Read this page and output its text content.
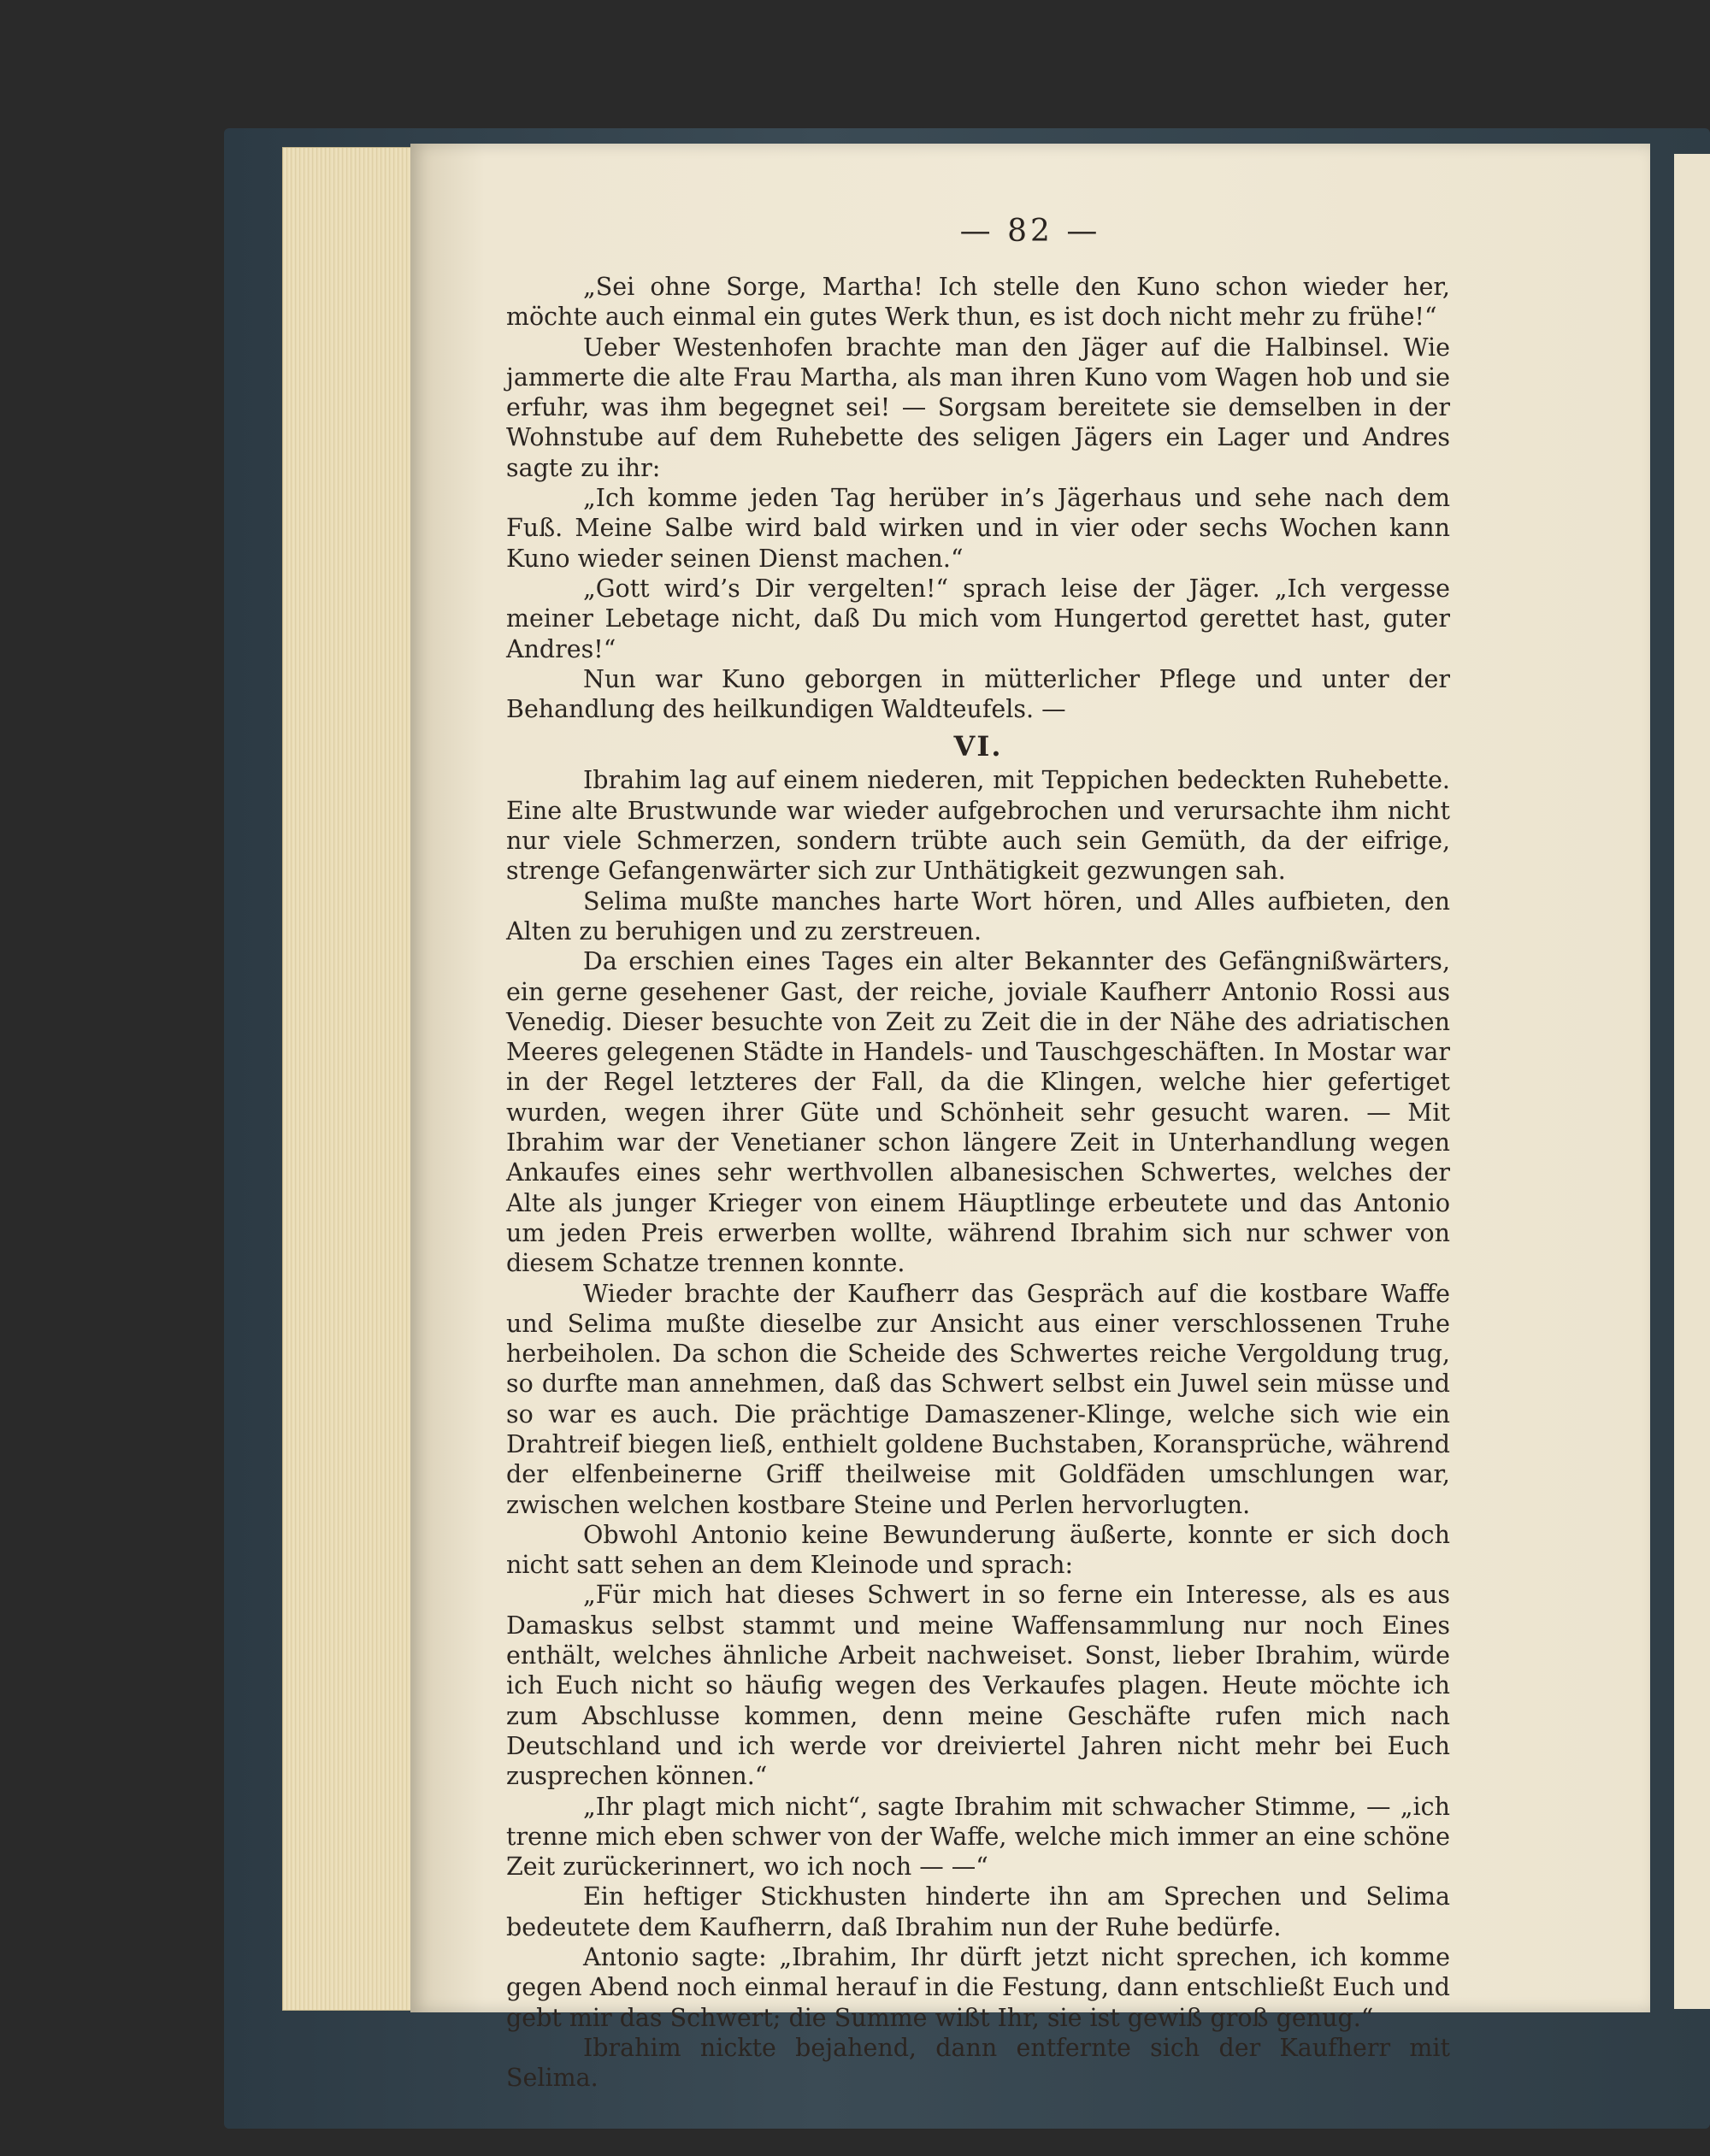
— 82 —

„Sei ohne Sorge, Martha! Ich stelle den Kuno schon wieder her, möchte auch einmal ein gutes Werk thun, es ist doch nicht mehr zu frühe!“

Ueber Westenhofen brachte man den Jäger auf die Halbinsel. Wie jammerte die alte Frau Martha, als man ihren Kuno vom Wagen hob und sie erfuhr, was ihm begegnet sei! — Sorgsam bereitete sie demselben in der Wohnstube auf dem Ruhebette des seligen Jägers ein Lager und Andres sagte zu ihr:

„Ich komme jeden Tag herüber in’s Jägerhaus und sehe nach dem Fuß. Meine Salbe wird bald wirken und in vier oder sechs Wochen kann Kuno wieder seinen Dienst machen.“

„Gott wird’s Dir vergelten!“ sprach leise der Jäger. „Ich vergesse meiner Lebetage nicht, daß Du mich vom Hungertod gerettet hast, guter Andres!“

Nun war Kuno geborgen in mütterlicher Pflege und unter der Behandlung des heilkundigen Waldteufels. —

VI.

Ibrahim lag auf einem niederen, mit Teppichen bedeckten Ruhebette. Eine alte Brustwunde war wieder aufgebrochen und verursachte ihm nicht nur viele Schmerzen, sondern trübte auch sein Gemüth, da der eifrige, strenge Gefangenwärter sich zur Unthätigkeit gezwungen sah.

Selima mußte manches harte Wort hören, und Alles aufbieten, den Alten zu beruhigen und zu zerstreuen.

Da erschien eines Tages ein alter Bekannter des Gefängnißwärters, ein gerne gesehener Gast, der reiche, joviale Kaufherr Antonio Rossi aus Venedig. Dieser besuchte von Zeit zu Zeit die in der Nähe des adriatischen Meeres gelegenen Städte in Handels- und Tauschgeschäften. In Mostar war in der Regel letzteres der Fall, da die Klingen, welche hier gefertiget wurden, wegen ihrer Güte und Schönheit sehr gesucht waren. — Mit Ibrahim war der Venetianer schon längere Zeit in Unterhandlung wegen Ankaufes eines sehr werthvollen albanesischen Schwertes, welches der Alte als junger Krieger von einem Häuptlinge erbeutete und das Antonio um jeden Preis erwerben wollte, während Ibrahim sich nur schwer von diesem Schatze trennen konnte.

Wieder brachte der Kaufherr das Gespräch auf die kostbare Waffe und Selima mußte dieselbe zur Ansicht aus einer verschlossenen Truhe herbeiholen. Da schon die Scheide des Schwertes reiche Vergoldung trug, so durfte man annehmen, daß das Schwert selbst ein Juwel sein müsse und so war es auch. Die prächtige Damaszener-Klinge, welche sich wie ein Drahtreif biegen ließ, enthielt goldene Buchstaben, Koransprüche, während der elfenbeinerne Griff theilweise mit Goldfäden umschlungen war, zwischen welchen kostbare Steine und Perlen hervorlugten.

Obwohl Antonio keine Bewunderung äußerte, konnte er sich doch nicht satt sehen an dem Kleinode und sprach:

„Für mich hat dieses Schwert in so ferne ein Interesse, als es aus Damaskus selbst stammt und meine Waffensammlung nur noch Eines enthält, welches ähnliche Arbeit nachweiset. Sonst, lieber Ibrahim, würde ich Euch nicht so häufig wegen des Verkaufes plagen. Heute möchte ich zum Abschlusse kommen, denn meine Geschäfte rufen mich nach Deutschland und ich werde vor dreiviertel Jahren nicht mehr bei Euch zusprechen können.“

„Ihr plagt mich nicht“, sagte Ibrahim mit schwacher Stimme, — „ich trenne mich eben schwer von der Waffe, welche mich immer an eine schöne Zeit zurückerinnert, wo ich noch — —“

Ein heftiger Stickhusten hinderte ihn am Sprechen und Selima bedeutete dem Kaufherrn, daß Ibrahim nun der Ruhe bedürfe.

Antonio sagte: „Ibrahim, Ihr dürft jetzt nicht sprechen, ich komme gegen Abend noch einmal herauf in die Festung, dann entschließt Euch und gebt mir das Schwert; die Summe wißt Ihr, sie ist gewiß groß genug.“

Ibrahim nickte bejahend, dann entfernte sich der Kaufherr mit Selima.
